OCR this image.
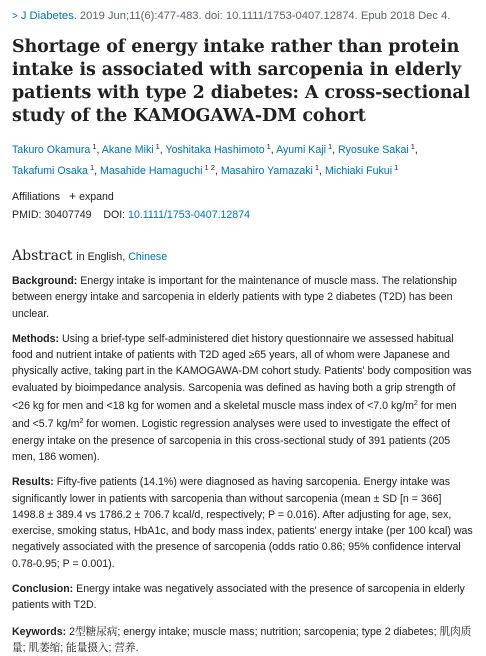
> J Diabetes. 2019 Jun;11(6):477-483. doi: 10.1111/1753-0407.12874. Epub 2018 Dec 4.
Shortage of energy intake rather than protein intake is associated with sarcopenia in elderly patients with type 2 diabetes: A cross-sectional study of the KAMOGAWA-DM cohort
Takuro Okamura $^1$, Akane Miki $^1$, Yoshitaka Hashimoto $^1$, Ayumi Kaji $^1$, Ryosuke Sakai $^1$, Takafumi Osaka $^1$, Masahide Hamaguchi $^{1 2}$, Masahiro Yamazaki $^1$, Michiaki Fukui $^1$
Affiliations + expand
PMID: 30407749 DOI: 10.1111/1753-0407.12874
Abstract in English, Chinese

Background: Energy intake is important for the maintenance of muscle mass. The relationship between energy intake and sarcopenia in elderly patients with type 2 diabetes (T2D) has been unclear.

Methods: Using a brief-type self-administered diet history questionnaire we assessed habitual food and nutrient intake of patients with T2D aged ≥65 years, all of whom were Japanese and physically active, taking part in the KAMOGAWA-DM cohort study. Patients' body composition was evaluated by bioimpedance analysis. Sarcopenia was defined as having both a grip strength of <26 kg for men and <18 kg for women and a skeletal muscle mass index of <7.0 $kg/m^2$ for men and <5.7 $kg/m^2$ for women. Logistic regression analyses were used to investigate the effect of energy intake on the presence of sarcopenia in this cross-sectional study of 391 patients (205 men, 186 women).

Results: Fifty-five patients (14.1%) were diagnosed as having sarcopenia. Energy intake was significantly lower in patients with sarcopenia than without sarcopenia (mean ± SD [n = 366] 1498.8 ± 389.4 vs 1786.2 ± 706.7 kcal/d, respectively; P = 0.016). After adjusting for age, sex, exercise, smoking status, HbA1c, and body mass index, patients' energy intake (per 100 kcal) was negatively associated with the presence of sarcopenia (odds ratio 0.86; 95% confidence interval 0.78-0.95; P = 0.001).

Conclusion: Energy intake was negatively associated with the presence of sarcopenia in elderly patients with T2D.

Keywords: 2型糖尿病; energy intake; muscle mass; nutrition; sarcopenia; type 2 diabetes; 肌肉质量; 肌萎缩; 能量摄入; 营养.
